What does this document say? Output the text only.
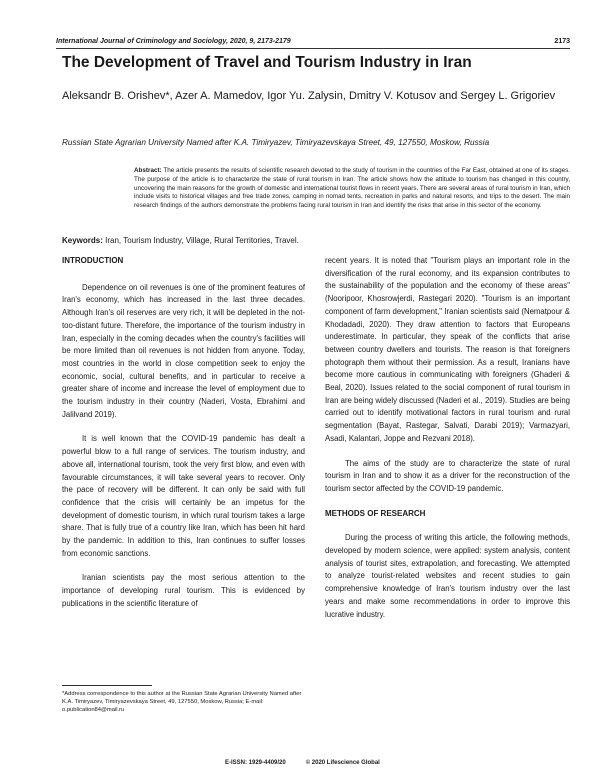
International Journal of Criminology and Sociology, 2020, 9, 2173-2179	2173
The Development of Travel and Tourism Industry in Iran
Aleksandr B. Orishev*, Azer A. Mamedov, Igor Yu. Zalysin, Dmitry V. Kotusov and Sergey L. Grigoriev
Russian State Agrarian University Named after K.A. Timiryazev, Timiryazevskaya Street, 49, 127550, Moskow, Russia
Abstract: The article presents the results of scientific research devoted to the study of tourism in the countries of the Far East, obtained at one of its stages. The purpose of the article is to characterize the state of rural tourism in Iran. The article shows how the attitude to tourism has changed in this country, uncovering the main reasons for the growth of domestic and international tourist flows in recent years. There are several areas of rural tourism in Iran, which include visits to historical villages and free trade zones, camping in nomad tents, recreation in parks and natural resorts, and trips to the desert. The main research findings of the authors demonstrate the problems facing rural tourism in Iran and identify the risks that arise in this sector of the economy.
Keywords: Iran, Tourism Industry, Village, Rural Territories, Travel.
INTRODUCTION

Dependence on oil revenues is one of the prominent features of Iran's economy, which has increased in the last three decades. Although Iran's oil reserves are very rich, it will be depleted in the not-too-distant future. Therefore, the importance of the tourism industry in Iran, especially in the coming decades when the country's facilities will be more limited than oil revenues is not hidden from anyone. Today, most countries in the world in close competition seek to enjoy the economic, social, cultural benefits, and in particular to receive a greater share of income and increase the level of employment due to the tourism industry in their country (Naderi, Vosta, Ebrahimi and Jalilvand 2019).

It is well known that the COVID-19 pandemic has dealt a powerful blow to a full range of services. The tourism industry, and above all, international tourism, took the very first blow, and even with favourable circumstances, it will take several years to recover. Only the pace of recovery will be different. It can only be said with full confidence that the crisis will certainly be an impetus for the development of domestic tourism, in which rural tourism takes a large share. That is fully true of a country like Iran, which has been hit hard by the pandemic. In addition to this, Iran continues to suffer losses from economic sanctions.

Iranian scientists pay the most serious attention to the importance of developing rural tourism. This is evidenced by publications in the scientific literature of

recent years. It is noted that "Tourism plays an important role in the diversification of the rural economy, and its expansion contributes to the sustainability of the population and the economy of these areas" (Nooripoor, Khosrowjerdi, Rastegari 2020). "Tourism is an important component of farm development," Iranian scientists said (Nematpour & Khodadadi, 2020). They draw attention to factors that Europeans underestimate. In particular, they speak of the conflicts that arise between country dwellers and tourists. The reason is that foreigners photograph them without their permission. As a result, Iranians have become more cautious in communicating with foreigners (Ghaderi & Beal, 2020). Issues related to the social component of rural tourism in Iran are being widely discussed (Naderi et al., 2019). Studies are being carried out to identify motivational factors in rural tourism and rural segmentation (Bayat, Rastegar, Salvati, Darabi 2019); Varmazyari, Asadi, Kalantari, Joppe and Rezvani 2018).

The aims of the study are to characterize the state of rural tourism in Iran and to show it as a driver for the reconstruction of the tourism sector affected by the COVID-19 pandemic.

METHODS OF RESEARCH

During the process of writing this article, the following methods, developed by modern science, were applied: system analysis, content analysis of tourist sites, extrapolation, and forecasting. We attempted to analyze tourist-related websites and recent studies to gain comprehensive knowledge of Iran's tourism industry over the last years and make some recommendations in order to improve this lucrative industry.

*Address correspondence to this author at the Russian State Agrarian University Named after K.A. Timiryazev, Timiryazevskaya Street, 49, 127550, Moskow, Russia; E-mail: o.publication84@mail.ru
E-ISSN: 1929-4409/20	© 2020 Lifescience Global
